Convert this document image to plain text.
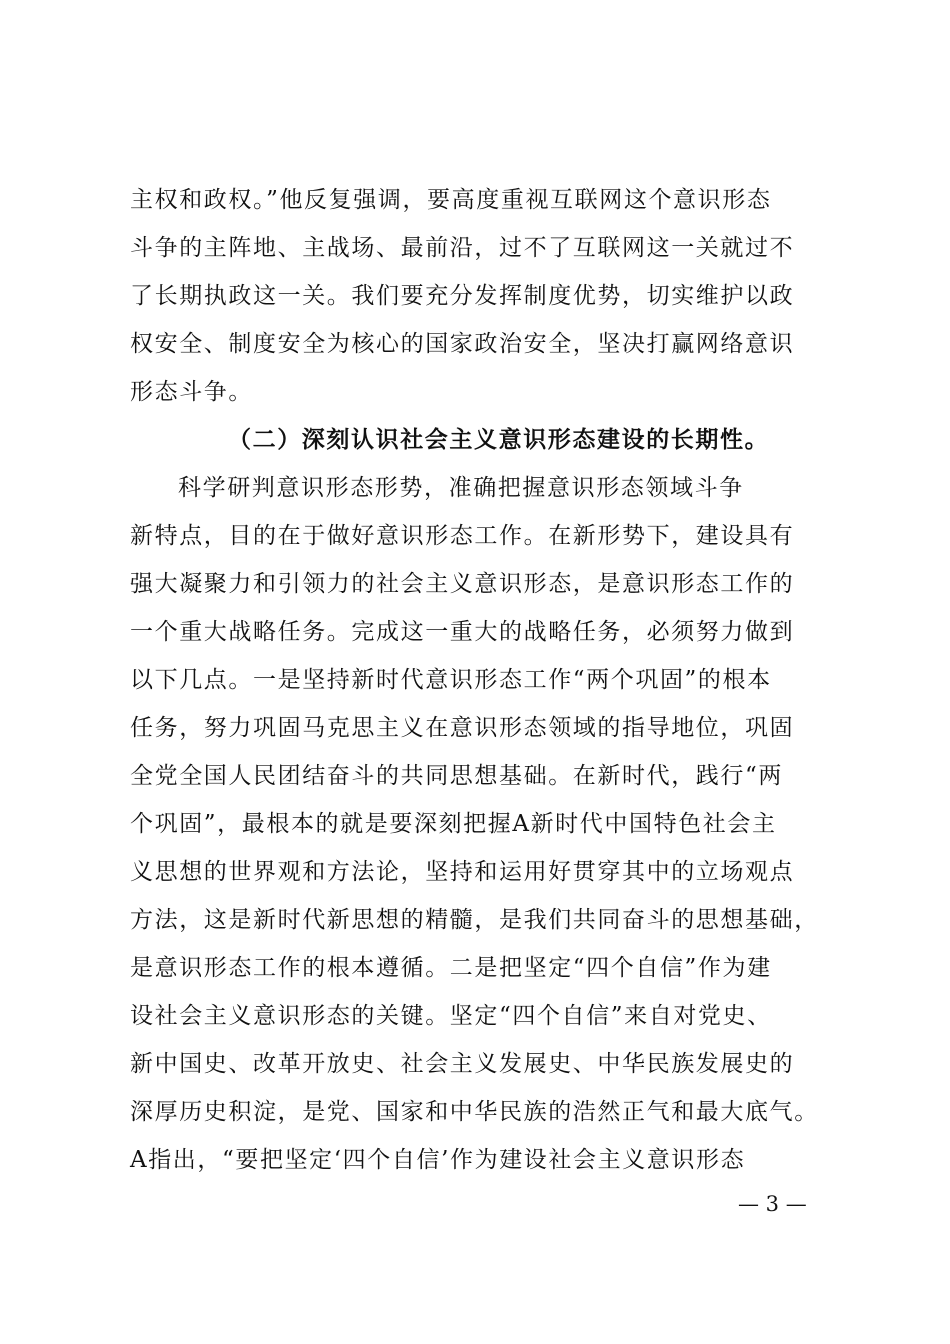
主权和政权。”他反复强调，要高度重视互联网这个意识形态
斗争的主阵地、主战场、最前沿，过不了互联网这一关就过不
了长期执政这一关。我们要充分发挥制度优势，切实维护以政
权安全、制度安全为核心的国家政治安全，坚决打赢网络意识
形态斗争。
（二）深刻认识社会主义意识形态建设的长期性。
科学研判意识形态形势，准确把握意识形态领域斗争
新特点，目的在于做好意识形态工作。在新形势下，建设具有
强大凝聚力和引领力的社会主义意识形态，是意识形态工作的
一个重大战略任务。完成这一重大的战略任务，必须努力做到
以下几点。一是坚持新时代意识形态工作“两个巩固”的根本
任务，努力巩固马克思主义在意识形态领域的指导地位，巩固
全党全国人民团结奋斗的共同思想基础。在新时代，践行“两
个巩固”，最根本的就是要深刻把握A新时代中国特色社会主
义思想的世界观和方法论，坚持和运用好贯穿其中的立场观点
方法，这是新时代新思想的精髓，是我们共同奋斗的思想基础，
是意识形态工作的根本遵循。二是把坚定“四个自信”作为建
设社会主义意识形态的关键。坚定“四个自信”来自对党史、
新中国史、改革开放史、社会主义发展史、中华民族发展史的
深厚历史积淀，是党、国家和中华民族的浩然正气和最大底气。
A指出，“要把坚定‘四个自信’作为建设社会主义意识形态
— 3 —
